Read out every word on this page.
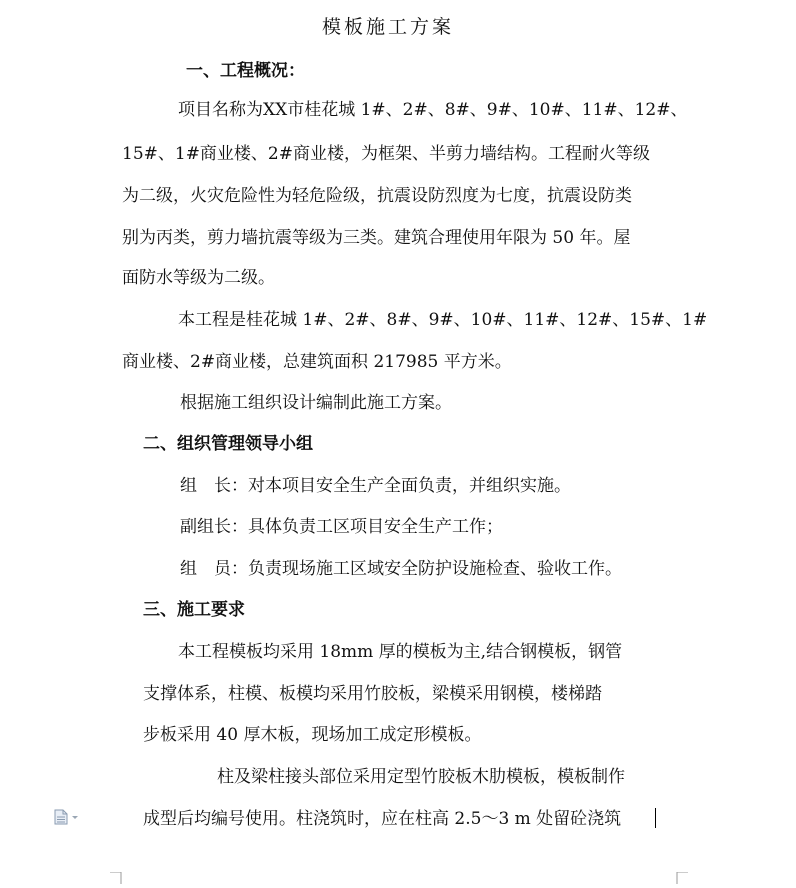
模板施工方案
一、工程概况：
项目名称为XX市桂花城 1#、2#、8#、9#、10#、11#、12#、
15#、1#商业楼、2#商业楼，为框架、半剪力墙结构。工程耐火等级
为二级，火灾危险性为轻危险级，抗震设防烈度为七度，抗震设防类
别为丙类，剪力墙抗震等级为三类。建筑合理使用年限为 50 年。屋
面防水等级为二级。
本工程是桂花城 1#、2#、8#、9#、10#、11#、12#、15#、1#
商业楼、2#商业楼，总建筑面积 217985 平方米。
根据施工组织设计编制此施工方案。
二、组织管理领导小组
组　长：对本项目安全生产全面负责，并组织实施。
副组长：具体负责工区项目安全生产工作；
组　员：负责现场施工区域安全防护设施检查、验收工作。
三、施工要求
本工程模板均采用 18mm 厚的模板为主,结合钢模板，钢管
支撑体系，柱模、板模均采用竹胶板，梁模采用钢模，楼梯踏
步板采用 40 厚木板，现场加工成定形模板。
柱及梁柱接头部位采用定型竹胶板木肋模板，模板制作
成型后均编号使用。柱浇筑时，应在柱高 2.5～3 m 处留砼浇筑
